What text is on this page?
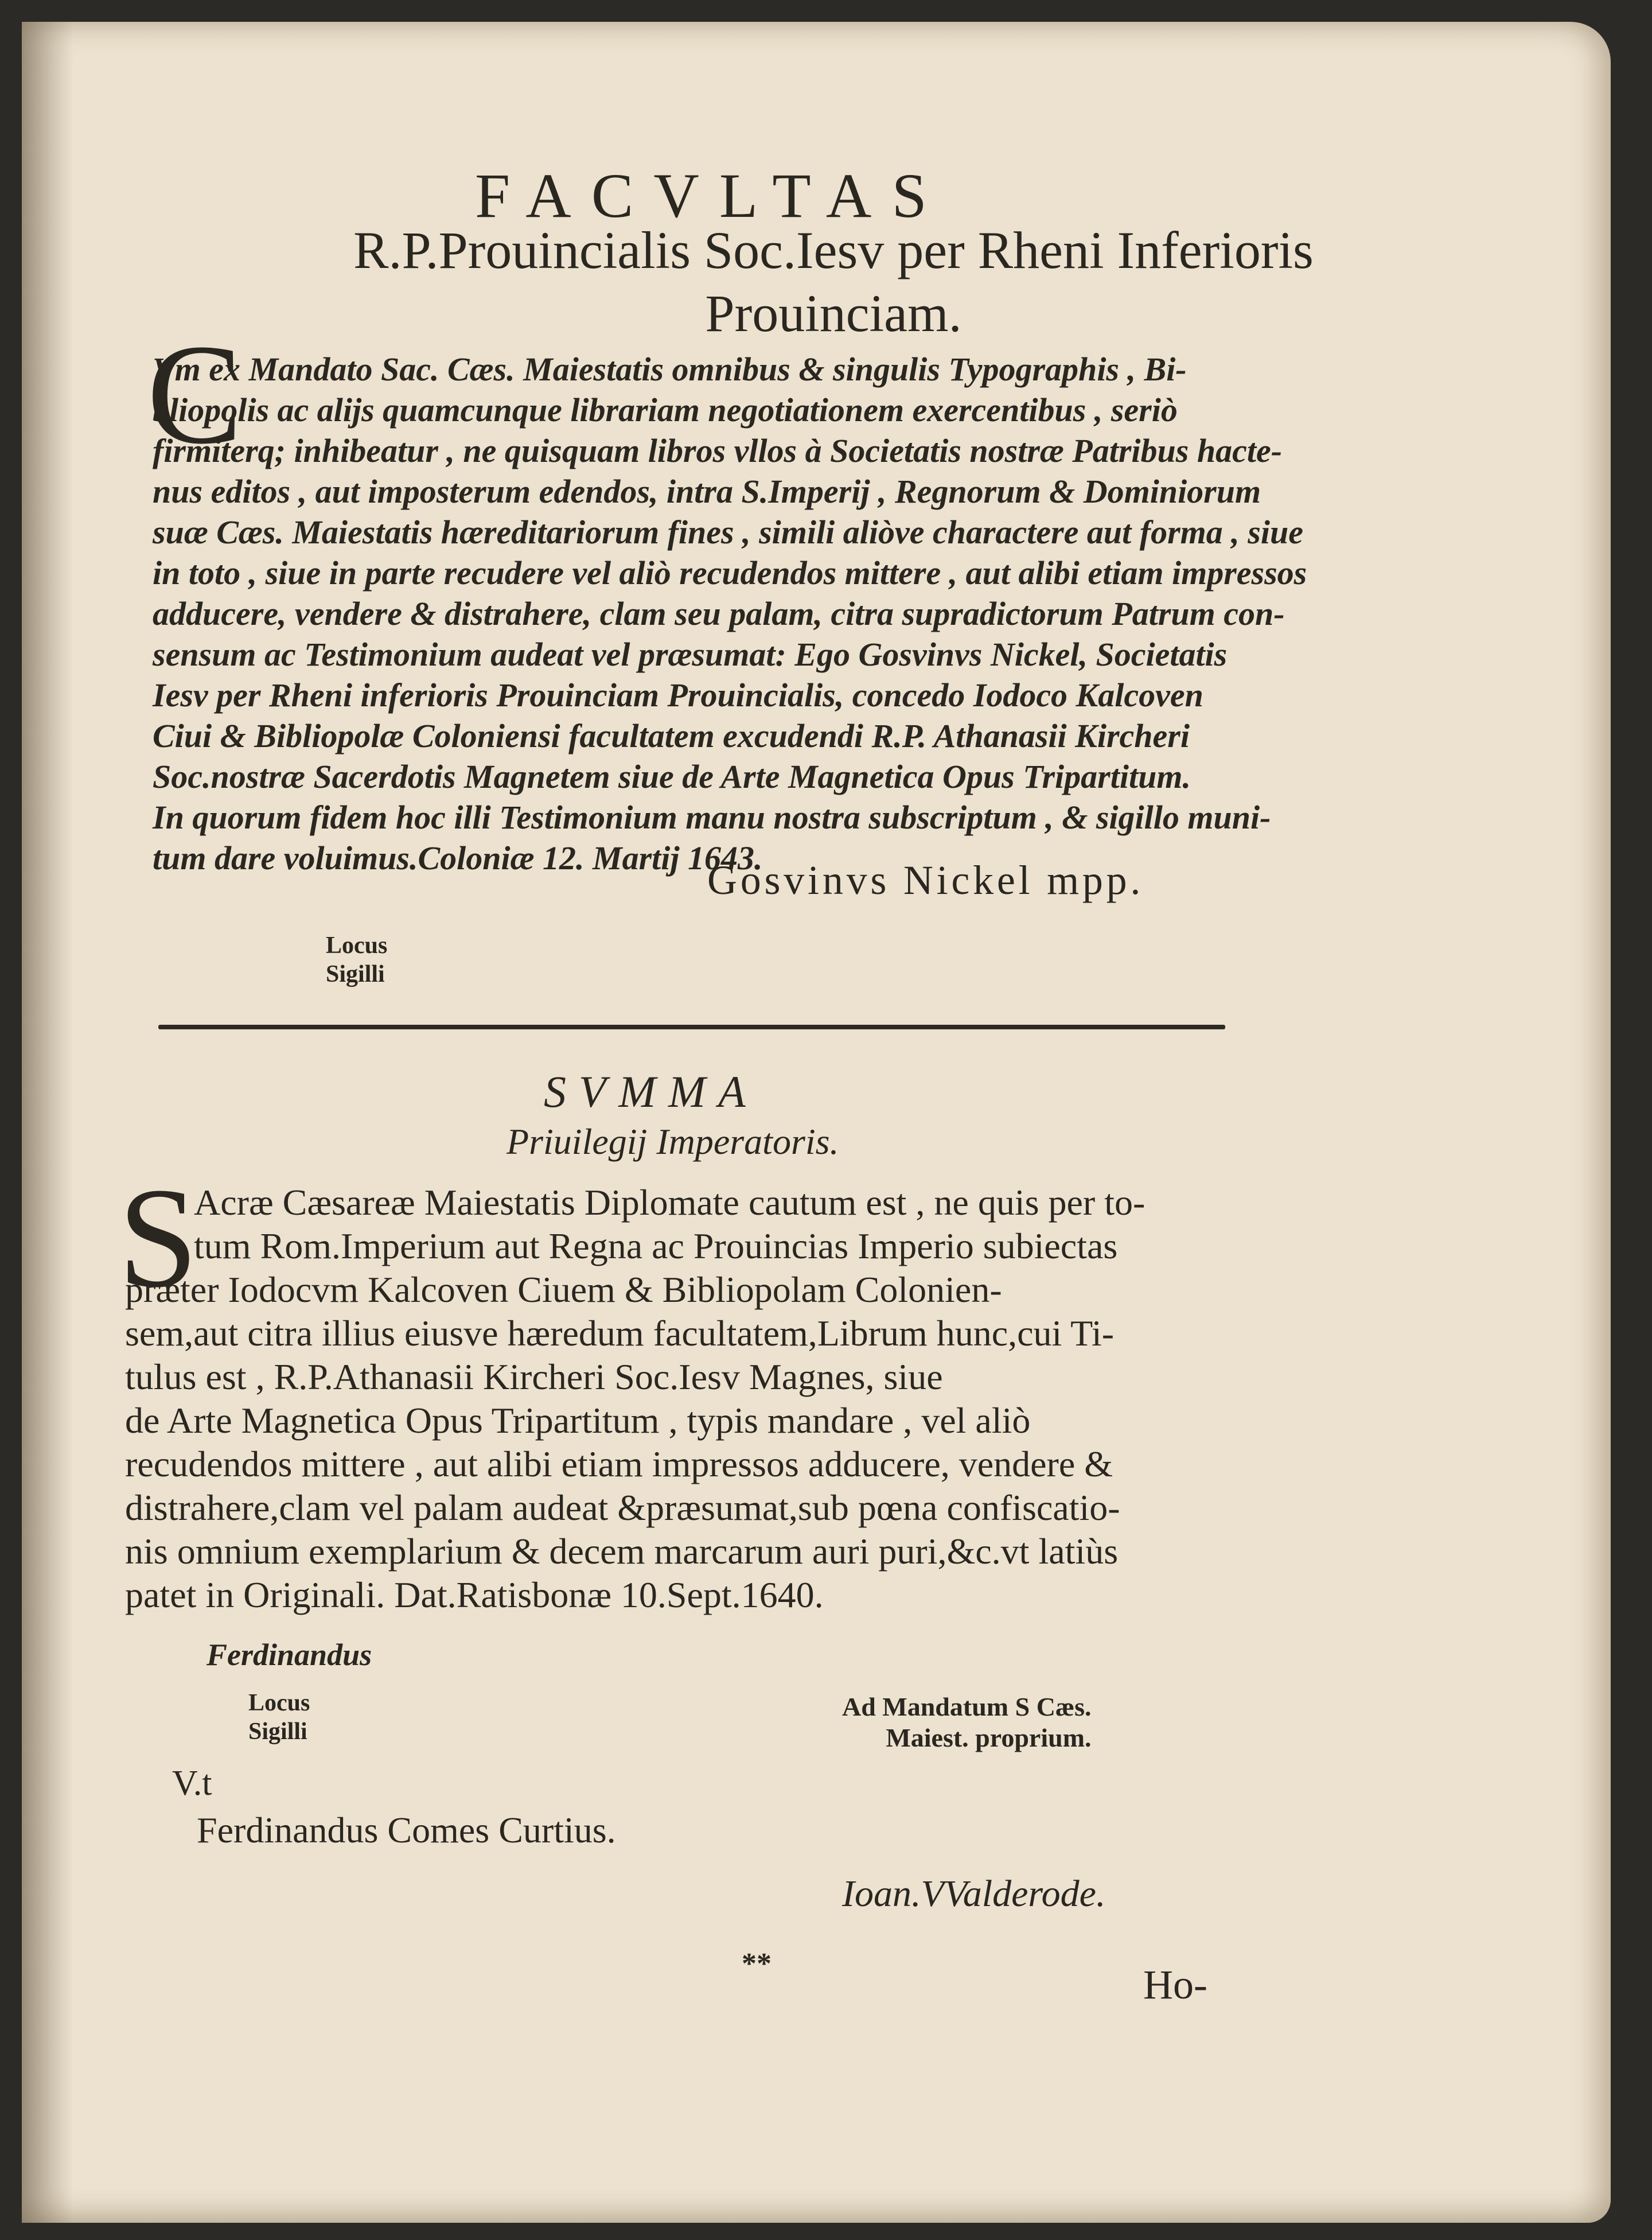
FACVLTAS
R.P.Prouincialis Soc.Iesv per Rheni Inferioris
Prouinciam.
C
Vm ex Mandato Sac. Cæs. Maiestatis omnibus & singulis Typographis , Bi-
bliopolis ac alijs quamcunque librariam negotiationem exercentibus , seriò
firmiterq; inhibeatur , ne quisquam libros vllos à Societatis nostræ Patribus hacte-
nus editos , aut imposterum edendos, intra S.Imperij , Regnorum & Dominiorum
suæ Cæs. Maiestatis hæreditariorum fines , simili aliòve charactere aut forma , siue
in toto , siue in parte recudere vel aliò recudendos mittere , aut alibi etiam impressos
adducere, vendere & distrahere, clam seu palam, citra supradictorum Patrum con-
sensum ac Testimonium audeat vel præsumat: Ego Gosvinvs Nickel, Societatis
Iesv per Rheni inferioris Prouinciam Prouincialis, concedo Iodoco Kalcoven
Ciui & Bibliopolæ Coloniensi facultatem excudendi R.P. Athanasii Kircheri
Soc.nostræ Sacerdotis Magnetem siue de Arte Magnetica Opus Tripartitum.
In quorum fidem hoc illi Testimonium manu nostra subscriptum , & sigillo muni-
tum dare voluimus.Coloniæ 12. Martij 1643.
Gosvinvs Nickel mpp.
Locus
Sigilli
SVMMA
Priuilegij Imperatoris.
S
Acræ Cæsareæ Maiestatis Diplomate cautum est , ne quis per to-
tum Rom.Imperium aut Regna ac Prouincias Imperio subiectas
præter Iodocvm Kalcoven Ciuem & Bibliopolam Colonien-
sem,aut citra illius eiusve hæredum facultatem,Librum hunc,cui Ti-
tulus est , R.P.Athanasii Kircheri Soc.Iesv Magnes, siue
de Arte Magnetica Opus Tripartitum , typis mandare , vel aliò
recudendos mittere , aut alibi etiam impressos adducere, vendere &
distrahere,clam vel palam audeat &præsumat,sub pœna confiscatio-
nis omnium exemplarium & decem marcarum auri puri,&c.vt latiùs
patet in Originali. Dat.Ratisbonæ 10.Sept.1640.
Ferdinandus
Locus
Sigilli
Ad Mandatum S Cæs.
Maiest. proprium.
V.t
Ferdinandus Comes Curtius.
Ioan.VValderode.
**	Ho-
